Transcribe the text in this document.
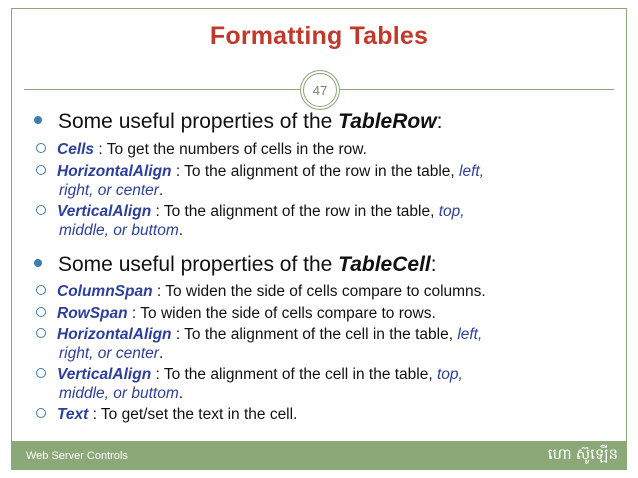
Formatting Tables
47
Some useful properties of the TableRow:
Cells : To get the numbers of cells in the row.
HorizontalAlign : To the alignment of the row in the table, left,
right, or center.
VerticalAlign : To the alignment of the row in the table, top,
middle, or buttom.
Some useful properties of the TableCell:
ColumnSpan : To widen the side of cells compare to columns.
RowSpan : To widen the side of cells compare to rows.
HorizontalAlign : To the alignment of the cell in the table, left,
right, or center.
VerticalAlign : To the alignment of the cell in the table, top,
middle, or buttom.
Text : To get/set the text in the cell.
Web Server Controls	ហោ ស៊ូឡើន
